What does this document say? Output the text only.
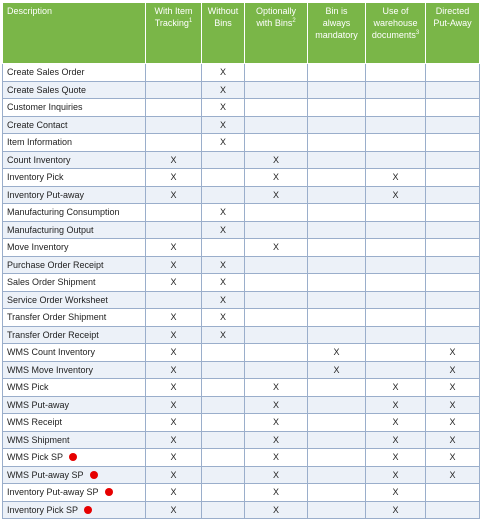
Description	With Item Tracking$^1$	Without Bins	Optionally with Bins$^2$	Bin is always mandatory	Use of warehouse documents$^3$	Directed Put-Away
Create Sales Order		X				
Create Sales Quote		X				
Customer Inquiries		X				
Create Contact		X				
Item Information		X				
Count Inventory	X		X			
Inventory Pick	X		X		X	
Inventory Put-away	X		X		X	
Manufacturing Consumption		X				
Manufacturing Output		X				
Move Inventory	X		X			
Purchase Order Receipt	X	X				
Sales Order Shipment	X	X				
Service Order Worksheet		X				
Transfer Order Shipment	X	X				
Transfer Order Receipt	X	X				
WMS Count Inventory	X			X		X
WMS Move Inventory	X			X		X
WMS Pick	X		X		X	X
WMS Put-away	X		X		X	X
WMS Receipt	X		X		X	X
WMS Shipment	X		X		X	X
WMS Pick SP	X		X		X	X
WMS Put-away SP	X		X		X	X
Inventory Put-away SP	X		X		X	
Inventory Pick SP	X		X		X	
